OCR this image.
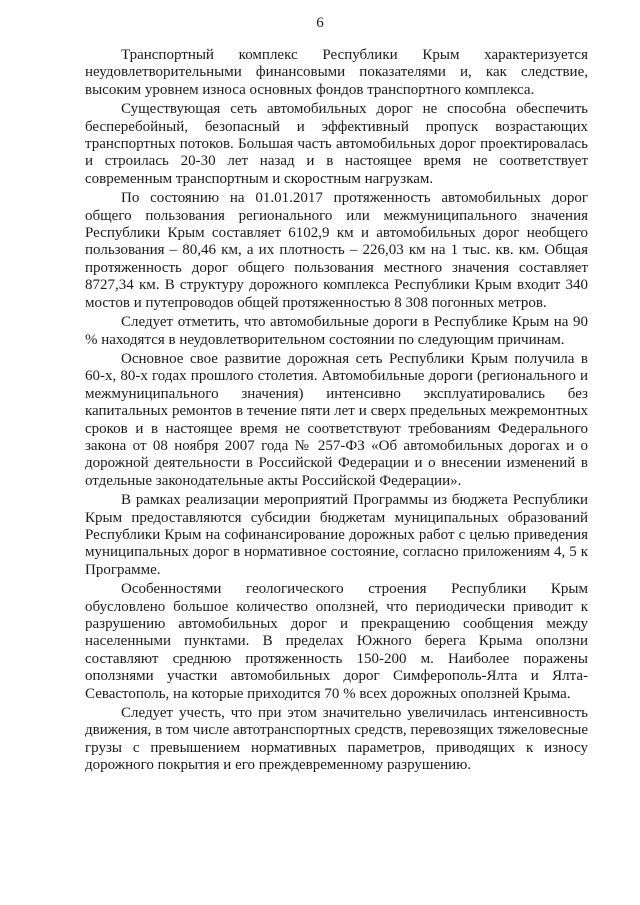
6

Транспортный комплекс Республики Крым характеризуется неудовлетворительными финансовыми показателями и, как следствие, высоким уровнем износа основных фондов транспортного комплекса.

Существующая сеть автомобильных дорог не способна обеспечить бесперебойный, безопасный и эффективный пропуск возрастающих транспортных потоков. Большая часть автомобильных дорог проектировалась и строилась 20-30 лет назад и в настоящее время не соответствует современным транспортным и скоростным нагрузкам.

По состоянию на 01.01.2017 протяженность автомобильных дорог общего пользования регионального или межмуниципального значения Республики Крым составляет 6102,9 км и автомобильных дорог необщего пользования – 80,46 км, а их плотность – 226,03 км на 1 тыс. кв. км. Общая протяженность дорог общего пользования местного значения составляет 8727,34 км. В структуру дорожного комплекса Республики Крым входит 340 мостов и путепроводов общей протяженностью 8 308 погонных метров.

Следует отметить, что автомобильные дороги в Республике Крым на 90 % находятся в неудовлетворительном состоянии по следующим причинам.

Основное свое развитие дорожная сеть Республики Крым получила в 60-х, 80-х годах прошлого столетия. Автомобильные дороги (регионального и межмуниципального значения) интенсивно эксплуатировались без капитальных ремонтов в течение пяти лет и сверх предельных межремонтных сроков и в настоящее время не соответствуют требованиям Федерального закона от 08 ноября 2007 года № 257-ФЗ «Об автомобильных дорогах и о дорожной деятельности в Российской Федерации и о внесении изменений в отдельные законодательные акты Российской Федерации».

В рамках реализации мероприятий Программы из бюджета Республики Крым предоставляются субсидии бюджетам муниципальных образований Республики Крым на софинансирование дорожных работ с целью приведения муниципальных дорог в нормативное состояние, согласно приложениям 4, 5 к Программе.

Особенностями геологического строения Республики Крым обусловлено большое количество оползней, что периодически приводит к разрушению автомобильных дорог и прекращению сообщения между населенными пунктами. В пределах Южного берега Крыма оползни составляют среднюю протяженность 150-200 м. Наиболее поражены оползнями участки автомобильных дорог Симферополь-Ялта и Ялта-Севастополь, на которые приходится 70 % всех дорожных оползней Крыма.

Следует учесть, что при этом значительно увеличилась интенсивность движения, в том числе автотранспортных средств, перевозящих тяжеловесные грузы с превышением нормативных параметров, приводящих к износу дорожного покрытия и его преждевременному разрушению.
